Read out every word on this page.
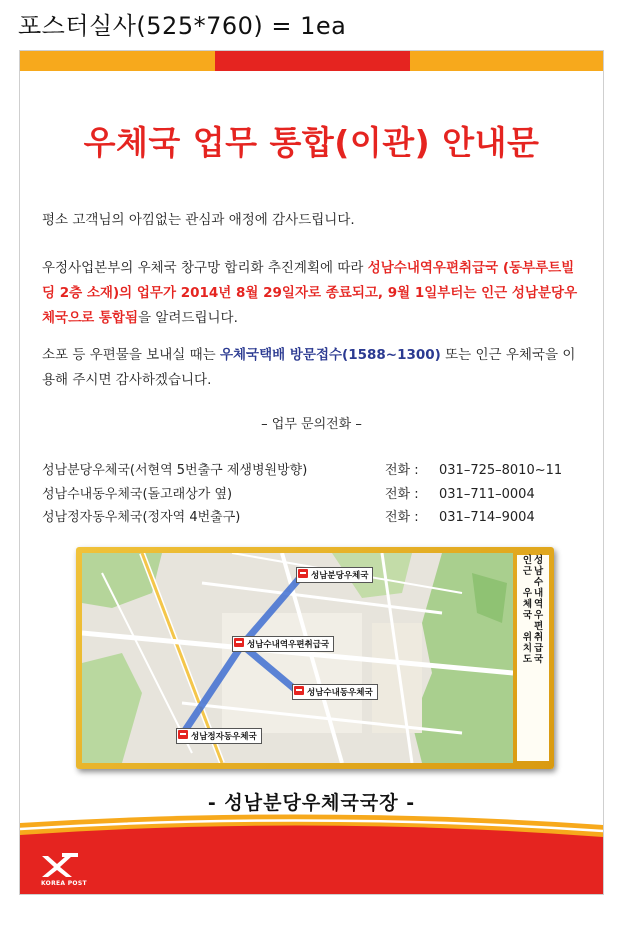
포스터실사(525*760) = 1ea
우체국 업무 통합(이관) 안내문
평소 고객님의 아낌없는 관심과 애정에 감사드립니다.
우정사업본부의 우체국 창구망 합리화 추진계획에 따라 성남수내역우편취급국 (동부루트빌딩 2층 소재)의 업무가 2014년 8월 29일자로 종료되고, 9월 1일부터는 인근 성남분당우체국으로 통합됨을 알려드립니다.
소포 등 우편물을 보내실 때는 우체국택배 방문접수(1588~1300) 또는 인근 우체국을 이용해 주시면 감사하겠습니다.
– 업무 문의전화 –
성남분당우체국(서현역 5번출구 제생병원방향)	전화 :	031–725–8010~11
성남수내동우체국(돌고래상가 옆)	전화 :	031–711–0004
성남정자동우체국(정자역 4번출구)	전화 :	031–714–9004
성남분당우체국
성남수내역우편취급국
성남수내동우체국
성남정자동우체국
성
남
수
내
역
우
편
취
급
국
인
근

우
체
국

위
치
도
- 성남분당우체국국장 -
KOREA POST
